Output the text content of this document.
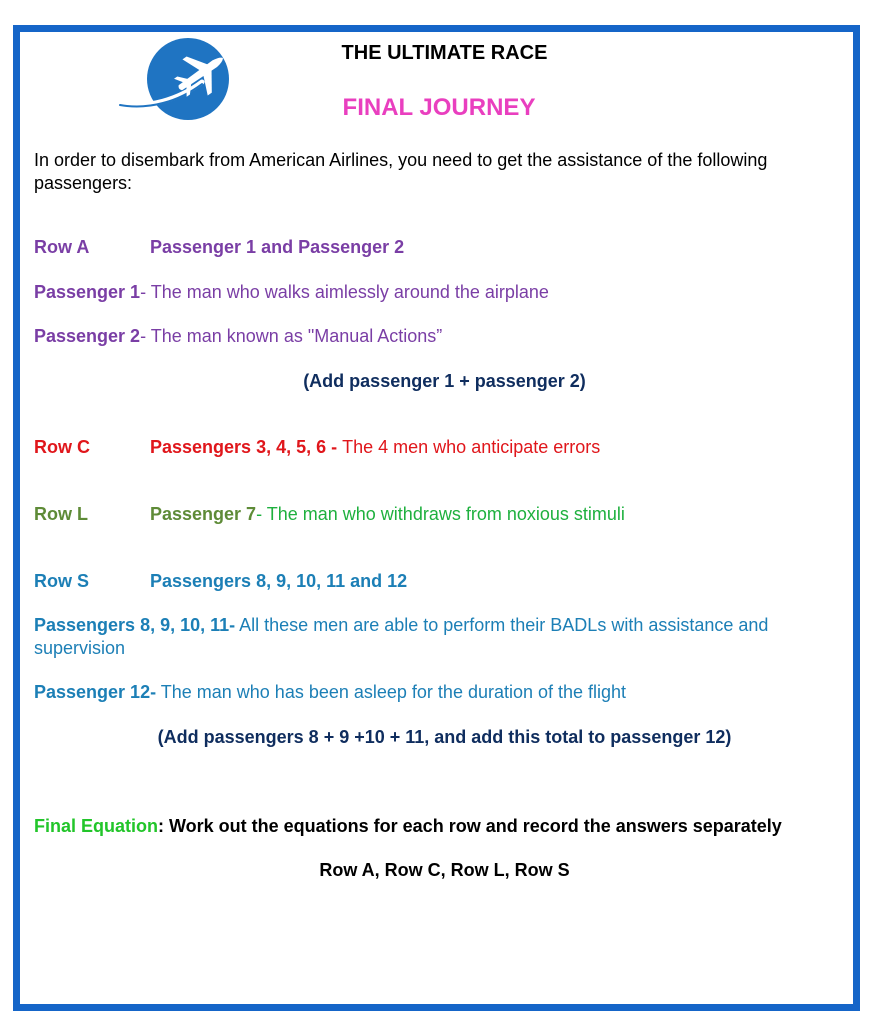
THE ULTIMATE RACE
FINAL JOURNEY
In order to disembark from American Airlines, you need to get the assistance of the following passengers:
Row A	Passenger 1 and Passenger 2
Passenger 1- The man who walks aimlessly around the airplane
Passenger 2- The man known as "Manual Actions”
(Add passenger 1 + passenger 2)
Row C	Passengers 3, 4, 5, 6 - The 4 men who anticipate errors
Row L	Passenger 7- The man who withdraws from noxious stimuli
Row S	Passengers 8, 9, 10, 11 and 12
Passengers 8, 9, 10, 11- All these men are able to perform their BADLs with assistance and supervision
Passenger 12- The man who has been asleep for the duration of the flight
(Add passengers 8 + 9 +10 + 11, and add this total to passenger 12)
Final Equation: Work out the equations for each row and record the answers separately
Row A, Row C, Row L, Row S
